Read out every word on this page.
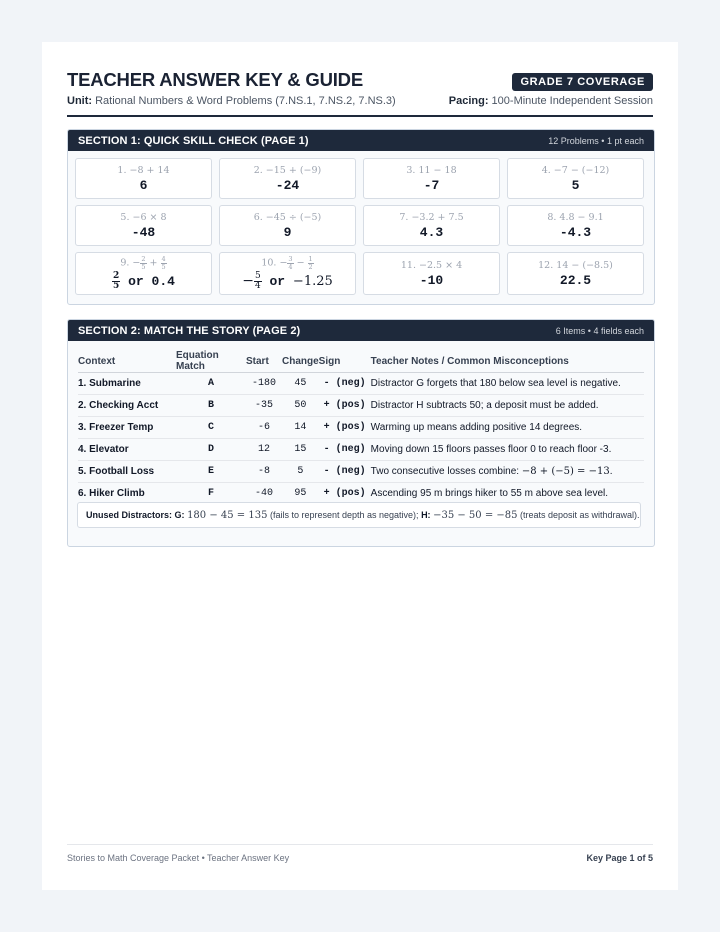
TEACHER ANSWER KEY & GUIDE	GRADE 7 COVERAGE
Unit: Rational Numbers & Word Problems (7.NS.1, 7.NS.2, 7.NS.3)	Pacing: 100-Minute Independent Session
SECTION 1: QUICK SKILL CHECK (PAGE 1)	12 Problems • 1 pt each
1. −8 + 14
6
2. −15 + (−9)
-24
3. 11 − 18
-7
4. −7 − (−12)
5
5. −6 × 8
-48
6. −45 ÷ (−5)
9
7. −3.2 + 7.5
4.3
8. 4.8 − 9.1
-4.3
9. − $\frac{2}{5} + \frac{4}{5}$
$\frac{2}{5}$ or 0.4
10. − $\frac{3}{4} - \frac{1}{2}$
− $\frac{5}{4}$ or −1.25
11. −2.5 × 4
-10
12. 14 − (−8.5)
22.5
SECTION 2: MATCH THE STORY (PAGE 2)	6 Items • 4 fields each
Context	Equation Match	Start	Change	Sign	Teacher Notes / Common Misconceptions
1. Submarine	A	-180	45	- (neg)	Distractor G forgets that 180 below sea level is negative.
2. Checking Acct	B	-35	50	+ (pos)	Distractor H subtracts 50; a deposit must be added.
3. Freezer Temp	C	-6	14	+ (pos)	Warming up means adding positive 14 degrees.
4. Elevator	D	12	15	- (neg)	Moving down 15 floors passes floor 0 to reach floor -3.
5. Football Loss	E	-8	5	- (neg)	Two consecutive losses combine: −8 + (−5) = −13.
6. Hiker Climb	F	-40	95	+ (pos)	Ascending 95 m brings hiker to 55 m above sea level.
Unused Distractors:
G:
180 − 45 = 135
(fails to represent depth as negative);
H:
−35 − 50 = −85
(treats deposit as withdrawal).
Stories to Math Coverage Packet • Teacher Answer Key	Key Page 1 of 5
